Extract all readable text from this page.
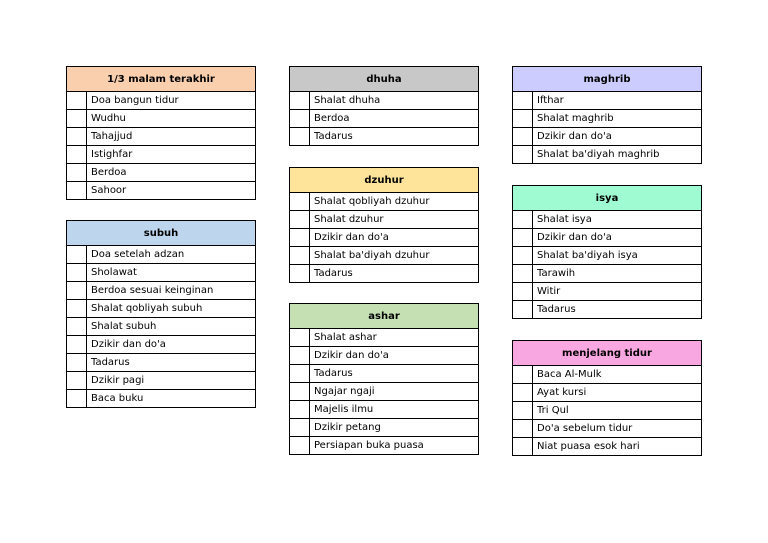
1/3 malam terakhir
Doa bangun tidur
Wudhu
Tahajjud
Istighfar
Berdoa
Sahoor
subuh
Doa setelah adzan
Sholawat
Berdoa sesuai keinginan
Shalat qobliyah subuh
Shalat subuh
Dzikir dan do'a
Tadarus
Dzikir pagi
Baca buku
dhuha
Shalat dhuha
Berdoa
Tadarus
dzuhur
Shalat qobliyah dzuhur
Shalat dzuhur
Dzikir dan do'a
Shalat ba'diyah dzuhur
Tadarus
ashar
Shalat ashar
Dzikir dan do'a
Tadarus
Ngajar ngaji
Majelis ilmu
Dzikir petang
Persiapan buka puasa
maghrib
Ifthar
Shalat maghrib
Dzikir dan do'a
Shalat ba'diyah maghrib
isya
Shalat isya
Dzikir dan do'a
Shalat ba'diyah isya
Tarawih
Witir
Tadarus
menjelang tidur
Baca Al-Mulk
Ayat kursi
Tri Qul
Do'a sebelum tidur
Niat puasa esok hari
